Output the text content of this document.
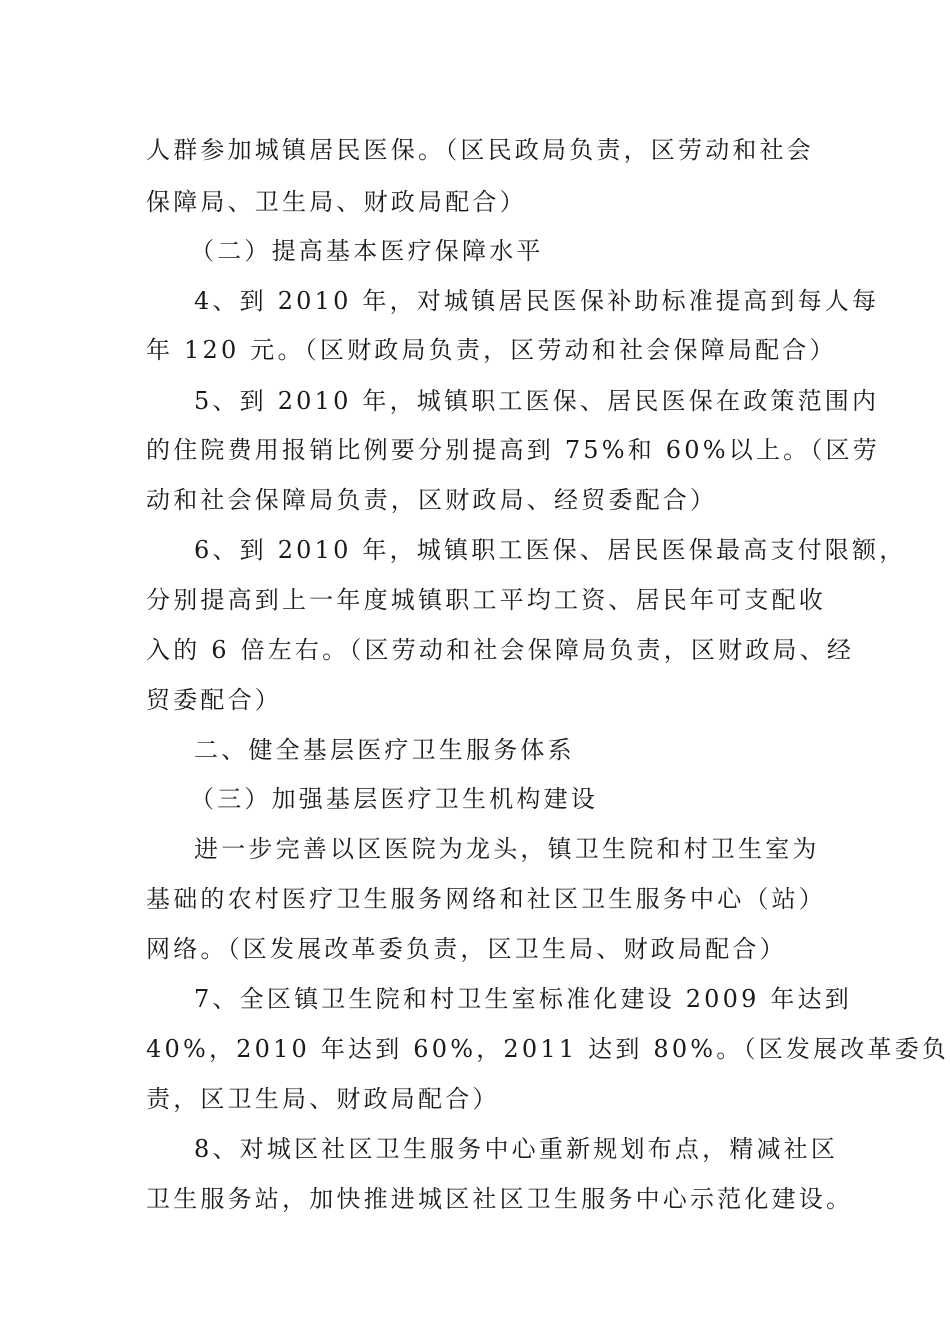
人群参加城镇居民医保。（区民政局负责，区劳动和社会
保障局、卫生局、财政局配合）
（二）提高基本医疗保障水平
4、到 2010 年，对城镇居民医保补助标准提高到每人每
年 120 元。（区财政局负责，区劳动和社会保障局配合）
5、到 2010 年，城镇职工医保、居民医保在政策范围内
的住院费用报销比例要分别提高到 75%和 60%以上。（区劳
动和社会保障局负责，区财政局、经贸委配合）
6、到 2010 年，城镇职工医保、居民医保最高支付限额，
分别提高到上一年度城镇职工平均工资、居民年可支配收
入的 6 倍左右。（区劳动和社会保障局负责，区财政局、经
贸委配合）
二、健全基层医疗卫生服务体系
（三）加强基层医疗卫生机构建设
进一步完善以区医院为龙头，镇卫生院和村卫生室为
基础的农村医疗卫生服务网络和社区卫生服务中心（站）
网络。（区发展改革委负责，区卫生局、财政局配合）
7、全区镇卫生院和村卫生室标准化建设 2009 年达到
40%，2010 年达到 60%，2011 达到 80%。（区发展改革委负
责，区卫生局、财政局配合）
8、对城区社区卫生服务中心重新规划布点，精减社区
卫生服务站，加快推进城区社区卫生服务中心示范化建设。
